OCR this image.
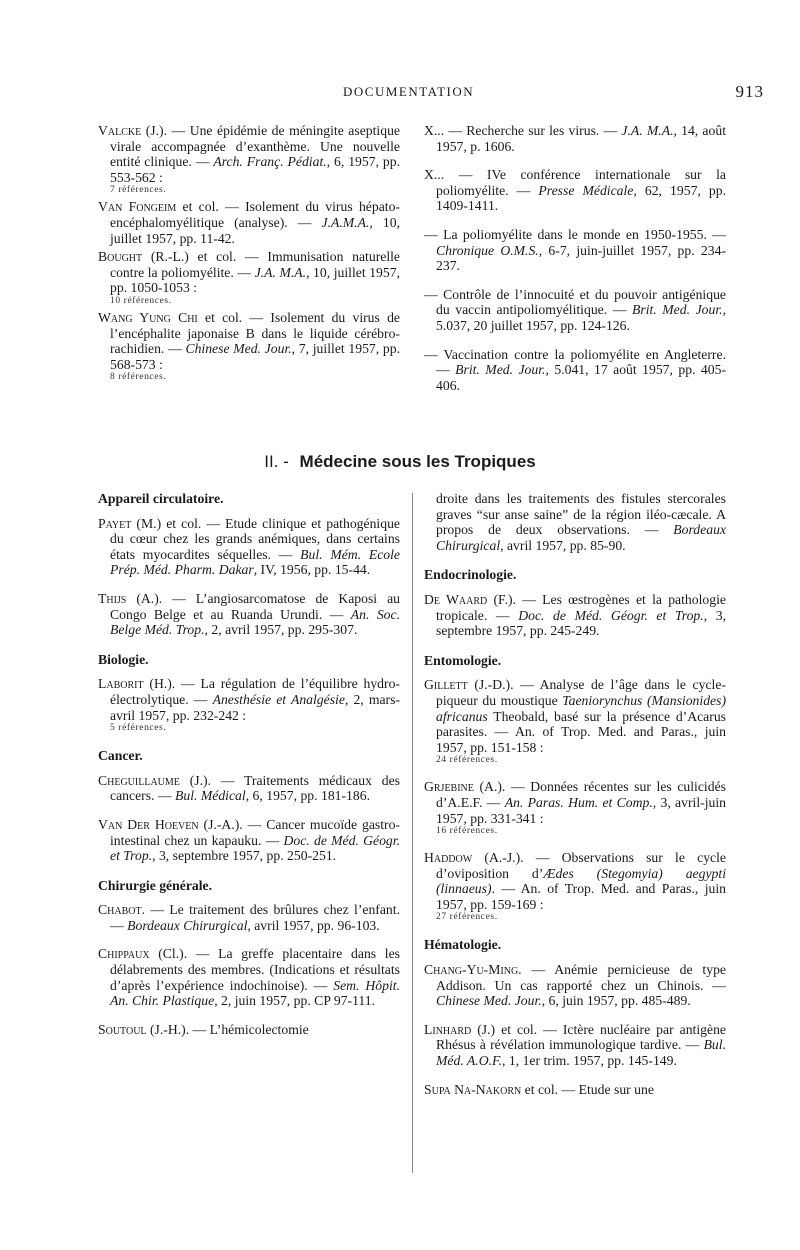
DOCUMENTATION	913

Valcke (J.). — Une épidémie de méningite aseptique virale accompagnée d’exanthème. Une nouvelle entité clinique. — Arch. Franç. Pédiat., 6, 1957, pp. 553-562 :
7 références.

Van Fongeim et col. — Isolement du virus hépato-encéphalomyélitique (analyse). — J.A.M.A., 10, juillet 1957, pp. 11-42.

Bought (R.-L.) et col. — Immunisation naturelle contre la poliomyélite. — J.A. M.A., 10, juillet 1957, pp. 1050-1053 :
10 références.

Wang Yung Chi et col. — Isolement du virus de l’encéphalite japonaise B dans le liquide cérébro-rachidien. — Chinese Med. Jour., 7, juillet 1957, pp. 568-573 :
8 références.

X... — Recherche sur les virus. — J.A. M.A., 14, août 1957, p. 1606.

X... — IVe conférence internationale sur la poliomyélite. — Presse Médicale, 62, 1957, pp. 1409-1411.

— La poliomyélite dans le monde en 1950-1955. — Chronique O.M.S., 6-7, juin-juillet 1957, pp. 234-237.

— Contrôle de l’innocuité et du pouvoir antigénique du vaccin antipoliomyélitique. — Brit. Med. Jour., 5.037, 20 juillet 1957, pp. 124-126.

— Vaccination contre la poliomyélite en Angleterre. — Brit. Med. Jour., 5.041, 17 août 1957, pp. 405-406.

II. - Médecine sous les Tropiques
Appareil circulatoire.

Payet (M.) et col. — Etude clinique et pathogénique du cœur chez les grands anémiques, dans certains états myocardites séquelles. — Bul. Mém. Ecole Prép. Méd. Pharm. Dakar, IV, 1956, pp. 15-44.

Thijs (A.). — L’angiosarcomatose de Kaposi au Congo Belge et au Ruanda Urundi. — An. Soc. Belge Méd. Trop., 2, avril 1957, pp. 295-307.

Biologie.

Laborit (H.). — La régulation de l’équilibre hydro-électrolytique. — Anesthésie et Analgésie, 2, mars-avril 1957, pp. 232-242 :
5 références.

Cancer.

Cheguillaume (J.). — Traitements médicaux des cancers. — Bul. Médical, 6, 1957, pp. 181-186.

Van Der Hoeven (J.-A.). — Cancer mucoïde gastro-intestinal chez un kapauku. — Doc. de Méd. Géogr. et Trop., 3, septembre 1957, pp. 250-251.

Chirurgie générale.

Chabot. — Le traitement des brûlures chez l’enfant. — Bordeaux Chirurgical, avril 1957, pp. 96-103.

Chippaux (Cl.). — La greffe placentaire dans les délabrements des membres. (Indications et résultats d’après l’expérience indochinoise). — Sem. Hôpit. An. Chir. Plastique, 2, juin 1957, pp. CP 97-111.

Soutoul (J.-H.). — L’hémicolectomie

droite dans les traitements des fistules stercorales graves “sur anse saine” de la région iléo-cæcale. A propos de deux observations. — Bordeaux Chirurgical, avril 1957, pp. 85-90.

Endocrinologie.

De Waard (F.). — Les œstrogènes et la pathologie tropicale. — Doc. de Méd. Géogr. et Trop., 3, septembre 1957, pp. 245-249.

Entomologie.

Gillett (J.-D.). — Analyse de l’âge dans le cycle-piqueur du moustique Taeniorynchus (Mansionides) africanus Theobald, basé sur la présence d’Acarus parasites. — An. of Trop. Med. and Paras., juin 1957, pp. 151-158 :
24 références.

Grjebine (A.). — Données récentes sur les culicidés d’A.E.F. — An. Paras. Hum. et Comp., 3, avril-juin 1957, pp. 331-341 :
16 références.

Haddow (A.-J.). — Observations sur le cycle d’oviposition d’Ædes (Stegomyia) aegypti (linnaeus). — An. of Trop. Med. and Paras., juin 1957, pp. 159-169 :
27 références.

Hématologie.

Chang-Yu-Ming. — Anémie pernicieuse de type Addison. Un cas rapporté chez un Chinois. — Chinese Med. Jour., 6, juin 1957, pp. 485-489.

Linhard (J.) et col. — Ictère nucléaire par antigène Rhésus à révélation immunologique tardive. — Bul. Méd. A.O.F., 1, 1er trim. 1957, pp. 145-149.

Supa Na-Nakorn et col. — Etude sur une
